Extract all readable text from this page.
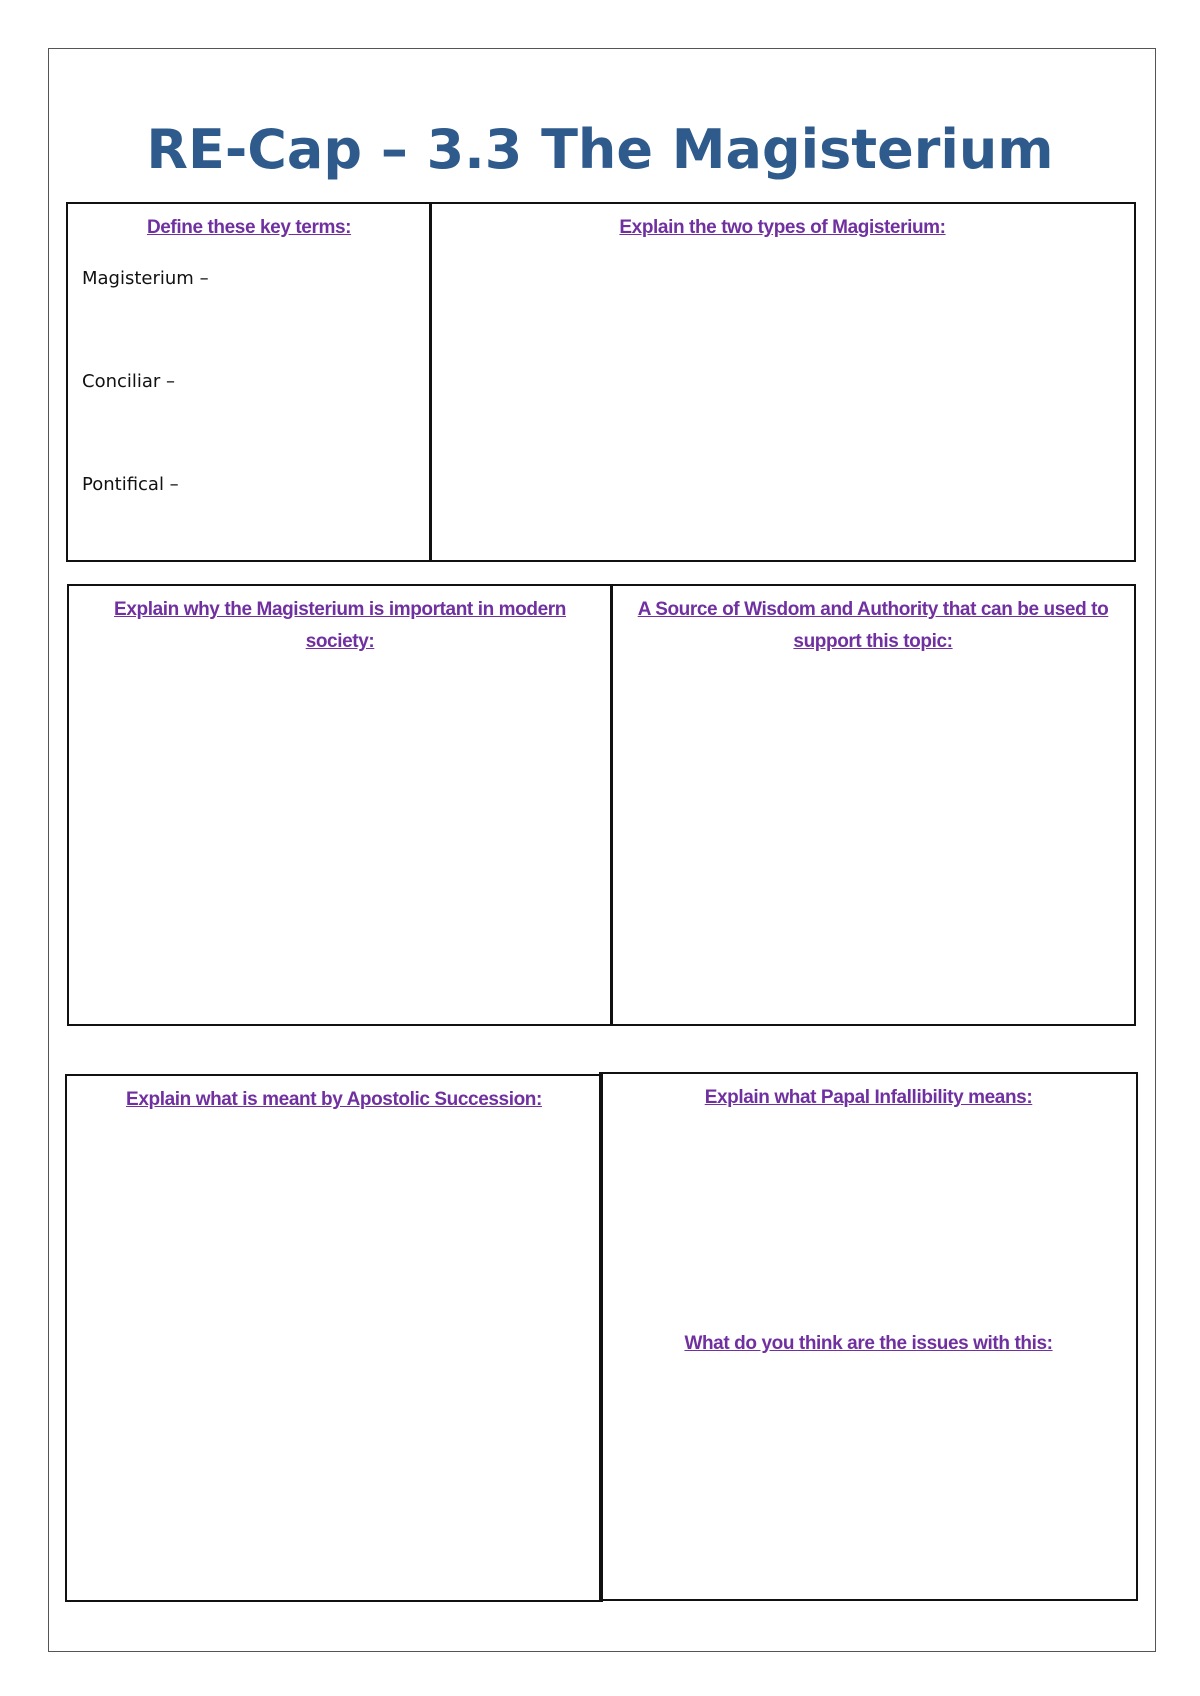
RE-Cap – 3.3 The Magisterium
Define these key terms:
Magisterium –
Conciliar –
Pontifical –
Explain the two types of Magisterium:
Explain why the Magisterium is important in modern society:
A Source of Wisdom and Authority that can be used to support this topic:
Explain what is meant by Apostolic Succession:	Explain what Papal Infallibility means:
What do you think are the issues with this:
